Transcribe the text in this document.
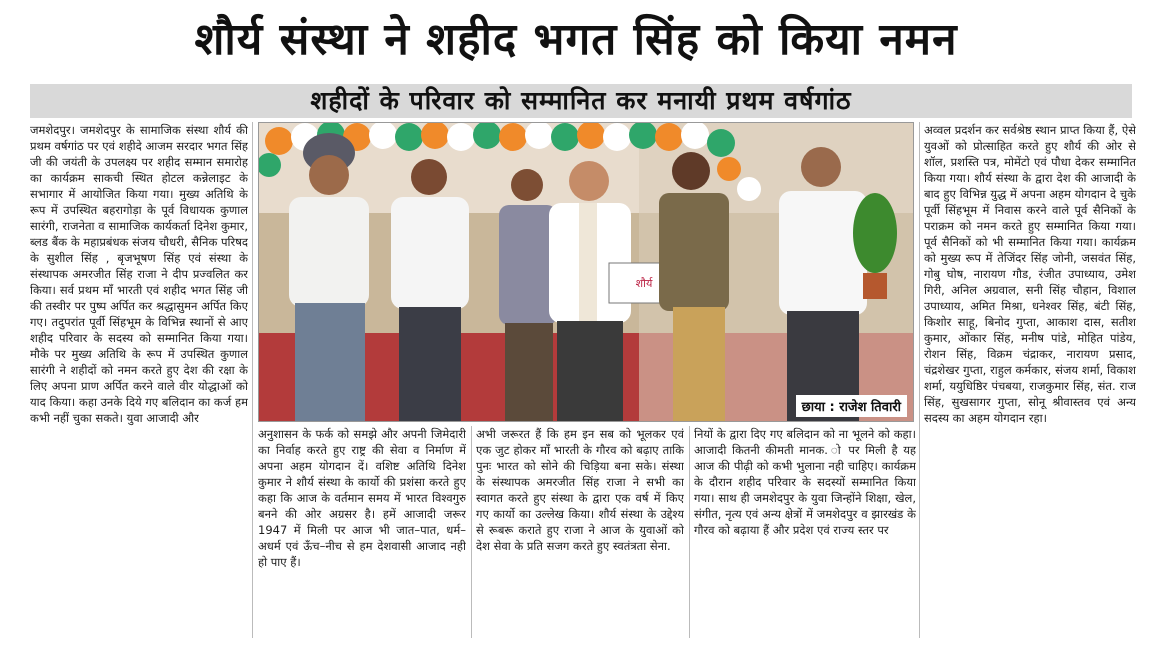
शौर्य संस्था ने शहीद भगत सिंह को किया नमन
शहीदों के परिवार को सम्मानित कर मनायी प्रथम वर्षगांठ

जमशेदपुर। जमशेदपुर के सामाजिक संस्था शौर्य की प्रथम वर्षगांठ पर एवं शहीदे आजम सरदार भगत सिंह जी की जयंती के उपलक्ष्य पर शहीद सम्मान समारोह का कार्यक्रम साकची स्थित होटल कन्नेलाइट के सभागार में आयोजित किया गया। मुख्य अतिथि के रूप में उपस्थित बहरागोड़ा के पूर्व विधायक कुणाल सारंगी, राजनेता व सामाजिक कार्यकर्ता दिनेश कुमार, ब्लड बैंक के महाप्रबंधक संजय चौधरी, सैनिक परिषद के सुशील सिंह , बृजभूषण सिंह एवं संस्था के संस्थापक अमरजीत सिंह राजा ने दीप प्रज्वलित कर किया। सर्व प्रथम माँ भारती एवं शहीद भगत सिंह जी की तस्वीर पर पुष्प अर्पित कर श्रद्धासुमन अर्पित किए गए। तदुपरांत पूर्वी सिंहभूम के विभिन्न स्थानों से आए शहीद परिवार के सदस्य को सम्मानित किया गया। मौके पर मुख्य अतिथि के रूप में उपस्थित कुणाल सारंगी ने शहीदों को नमन करते हुए देश की रक्षा के लिए अपना प्राण अर्पित करने वाले वीर योद्धाओं को याद किया। कहा उनके दिये गए बलिदान का कर्ज हम कभी नहीं चुका सकते। युवा आजादी और

शौर्य
छाया : राजेश तिवारी

अनुशासन के फर्क को समझे और अपनी जिमेदारी का निर्वाह करते हुए राष्ट्र की सेवा व निर्माण में अपना अहम योगदान दें। वशिष्ट अतिथि दिनेश कुमार ने शौर्य संस्था के कार्यो की प्रशंसा करते हुए कहा कि आज के वर्तमान समय में भारत विश्वगुरु बनने की ओर अग्रसर है। हमें आजादी जरूर 1947 में मिली पर आज भी जात–पात, धर्म–अधर्म एवं ऊँच–नीच से हम देशवासी आजाद नही हो पाए हैं।

अभी जरूरत हैं कि हम इन सब को भूलकर एवं एक जुट होकर माँ भारती के गौरव को बढ़ाए ताकि पुनः भारत को सोने की चिड़िया बना सके। संस्था के संस्थापक अमरजीत सिंह राजा ने सभी का स्वागत करते हुए संस्था के द्वारा एक वर्ष में किए गए कार्यो का उल्लेख किया। शौर्य संस्था के उद्देश्य से रूबरू कराते हुए राजा ने आज के युवाओं को देश सेवा के प्रति सजग करते हुए स्वतंत्रता सेना.

नियों के द्वारा दिए गए बलिदान को ना भूलने को कहा। आजादी कितनी कीमती मानक. ो पर मिली है यह आज की पीढ़ी को कभी भुलाना नही चाहिए। कार्यक्रम के दौरान शहीद परिवार के सदस्यों सम्मानित किया गया। साथ ही जमशेदपुर के युवा जिन्होंने शिक्षा, खेल, संगीत, नृत्य एवं अन्य क्षेत्रों में जमशेदपुर व झारखंड के गौरव को बढ़ाया हैं और प्रदेश एवं राज्य स्तर पर

अव्वल प्रदर्शन कर सर्वश्रेष्ठ स्थान प्राप्त किया हैं, ऐसे युवओं को प्रोत्साहित करते हुए शौर्य की ओर से शॉल, प्रशस्ति पत्र, मोमेंटो एवं पौधा देकर सम्मानित किया गया। शौर्य संस्था के द्वारा देश की आजादी के बाद हुए विभिन्न युद्ध में अपना अहम योगदान दे चुके पूर्वी सिंहभूम में निवास करने वाले पूर्व सैनिकों के पराक्रम को नमन करते हुए सम्मानित किया गया। पूर्व सैनिकों को भी सम्मानित किया गया। कार्यक्रम को मुख्य रूप में तेजिंदर सिंह जोनी, जसवंत सिंह, गोबु घोष, नारायण गौड, रंजीत उपाध्याय, उमेश गिरी, अनिल अग्रवाल, सनी सिंह चौहान, विशाल उपाध्याय, अमित मिश्रा, धनेश्वर सिंह, बंटी सिंह, किशोर साहू, बिनोद गुप्ता, आकाश दास, सतीश कुमार, ओंकार सिंह, मनीष पांडे, मोहित पांडेय, रोशन सिंह, विक्रम चंद्राकर, नारायण प्रसाद, चंद्रशेखर गुप्ता, राहुल कर्मकार, संजय शर्मा, विकाश शर्मा, ययुधिष्ठिर पंचबया, राजकुमार सिंह, संत. राज सिंह, सुखसागर गुप्ता, सोनू श्रीवास्तव एवं अन्य सदस्य का अहम योगदान रहा।
